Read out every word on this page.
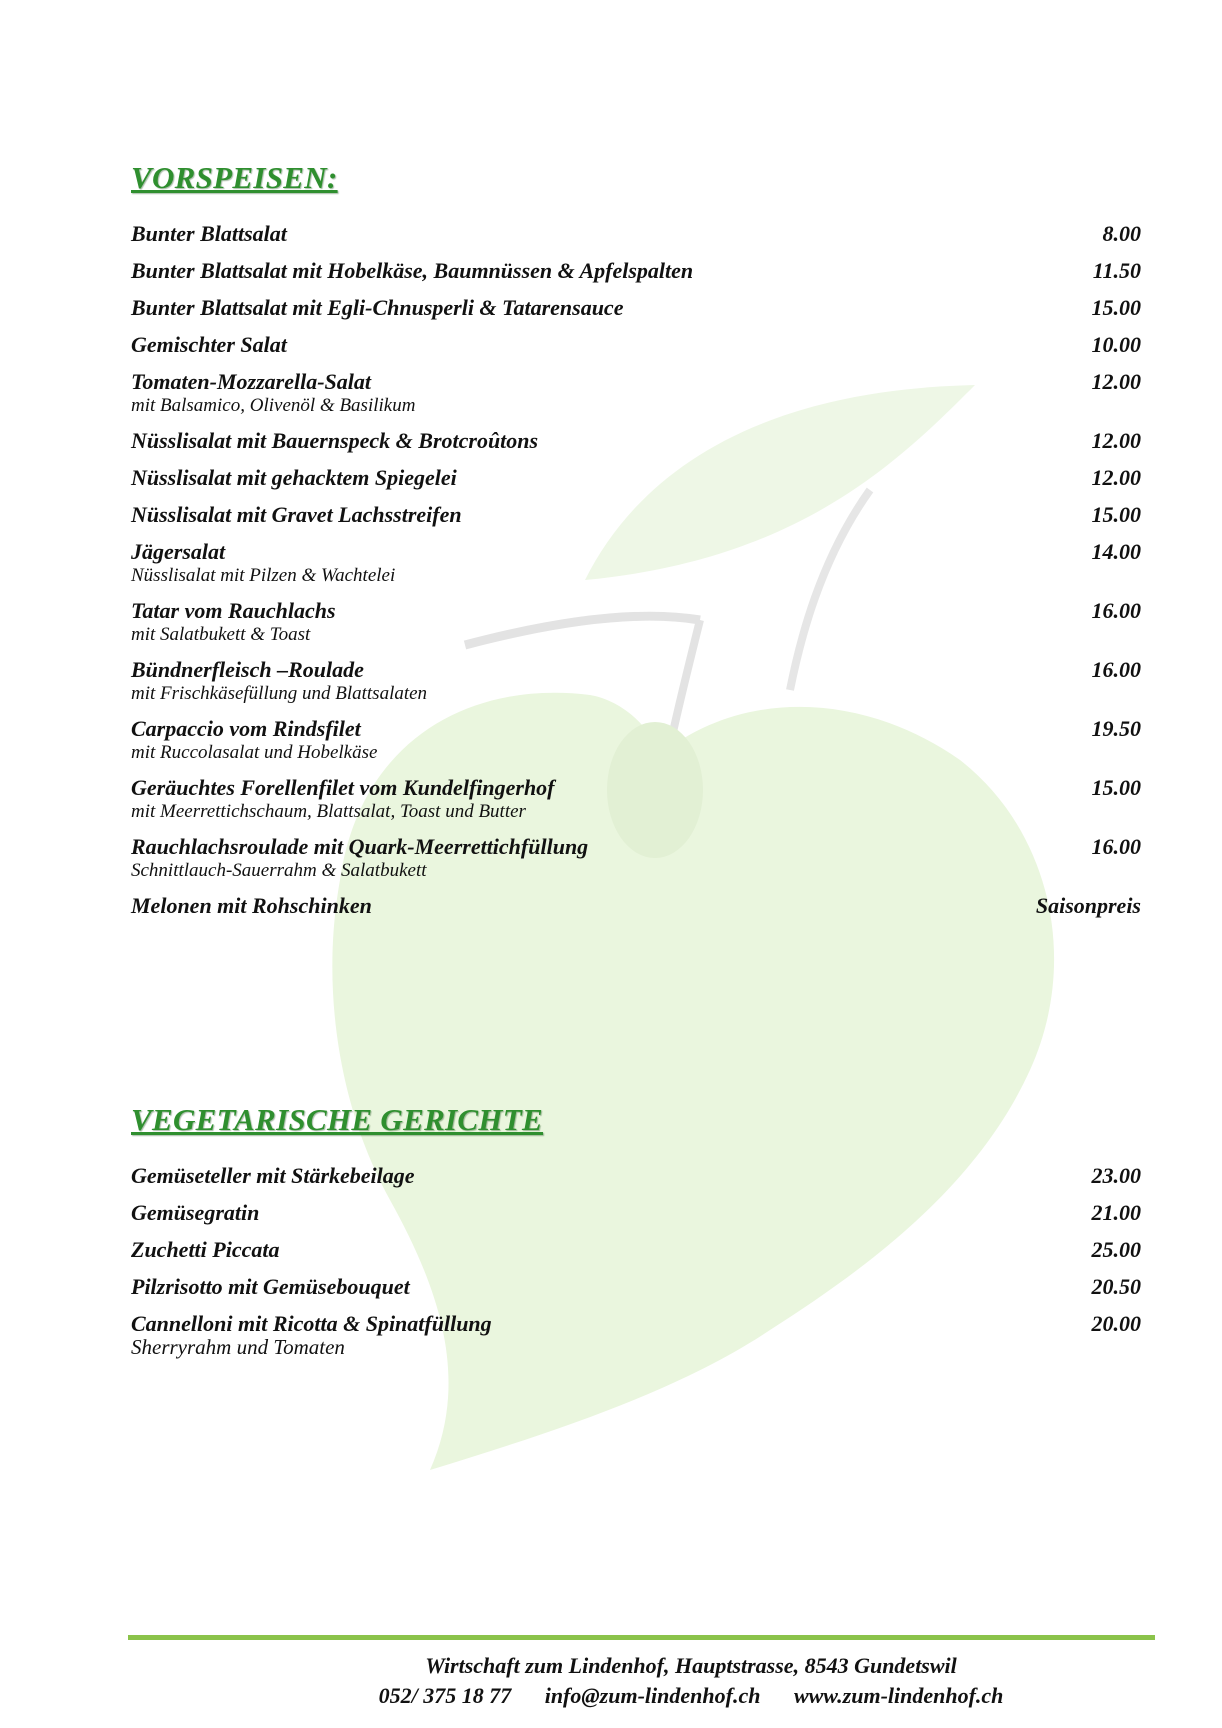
VORSPEISEN:
Bunter Blattsalat	8.00
Bunter Blattsalat mit Hobelkäse, Baumnüssen & Apfelspalten	11.50
Bunter Blattsalat mit Egli-Chnusperli & Tatarensauce	15.00
Gemischter Salat	10.00
Tomaten-Mozzarella-Salat	12.00
mit Balsamico, Olivenöl & Basilikum
Nüsslisalat mit Bauernspeck & Brotcroûtons	12.00
Nüsslisalat mit gehacktem Spiegelei	12.00
Nüsslisalat mit Gravet Lachsstreifen	15.00
Jägersalat	14.00
Nüsslisalat mit Pilzen & Wachtelei
Tatar vom Rauchlachs	16.00
mit Salatbukett & Toast
Bündnerfleisch –Roulade	16.00
mit Frischkäsefüllung und Blattsalaten
Carpaccio vom Rindsfilet	19.50
mit Ruccolasalat und Hobelkäse
Geräuchtes Forellenfilet vom Kundelfingerhof	15.00
mit Meerrettichschaum, Blattsalat, Toast und Butter
Rauchlachsroulade mit Quark-Meerrettichfüllung	16.00
Schnittlauch-Sauerrahm & Salatbukett
Melonen mit Rohschinken	Saisonpreis
VEGETARISCHE GERICHTE
Gemüseteller mit Stärkebeilage	23.00
Gemüsegratin	21.00
Zuchetti Piccata	25.00
Pilzrisotto mit Gemüsebouquet	20.50
Cannelloni mit Ricotta & Spinatfüllung	20.00
Sherryrahm und Tomaten
Wirtschaft zum Lindenhof, Hauptstrasse, 8543 Gundetswil
052/ 375 18 77 info@zum-lindenhof.ch www.zum-lindenhof.ch
